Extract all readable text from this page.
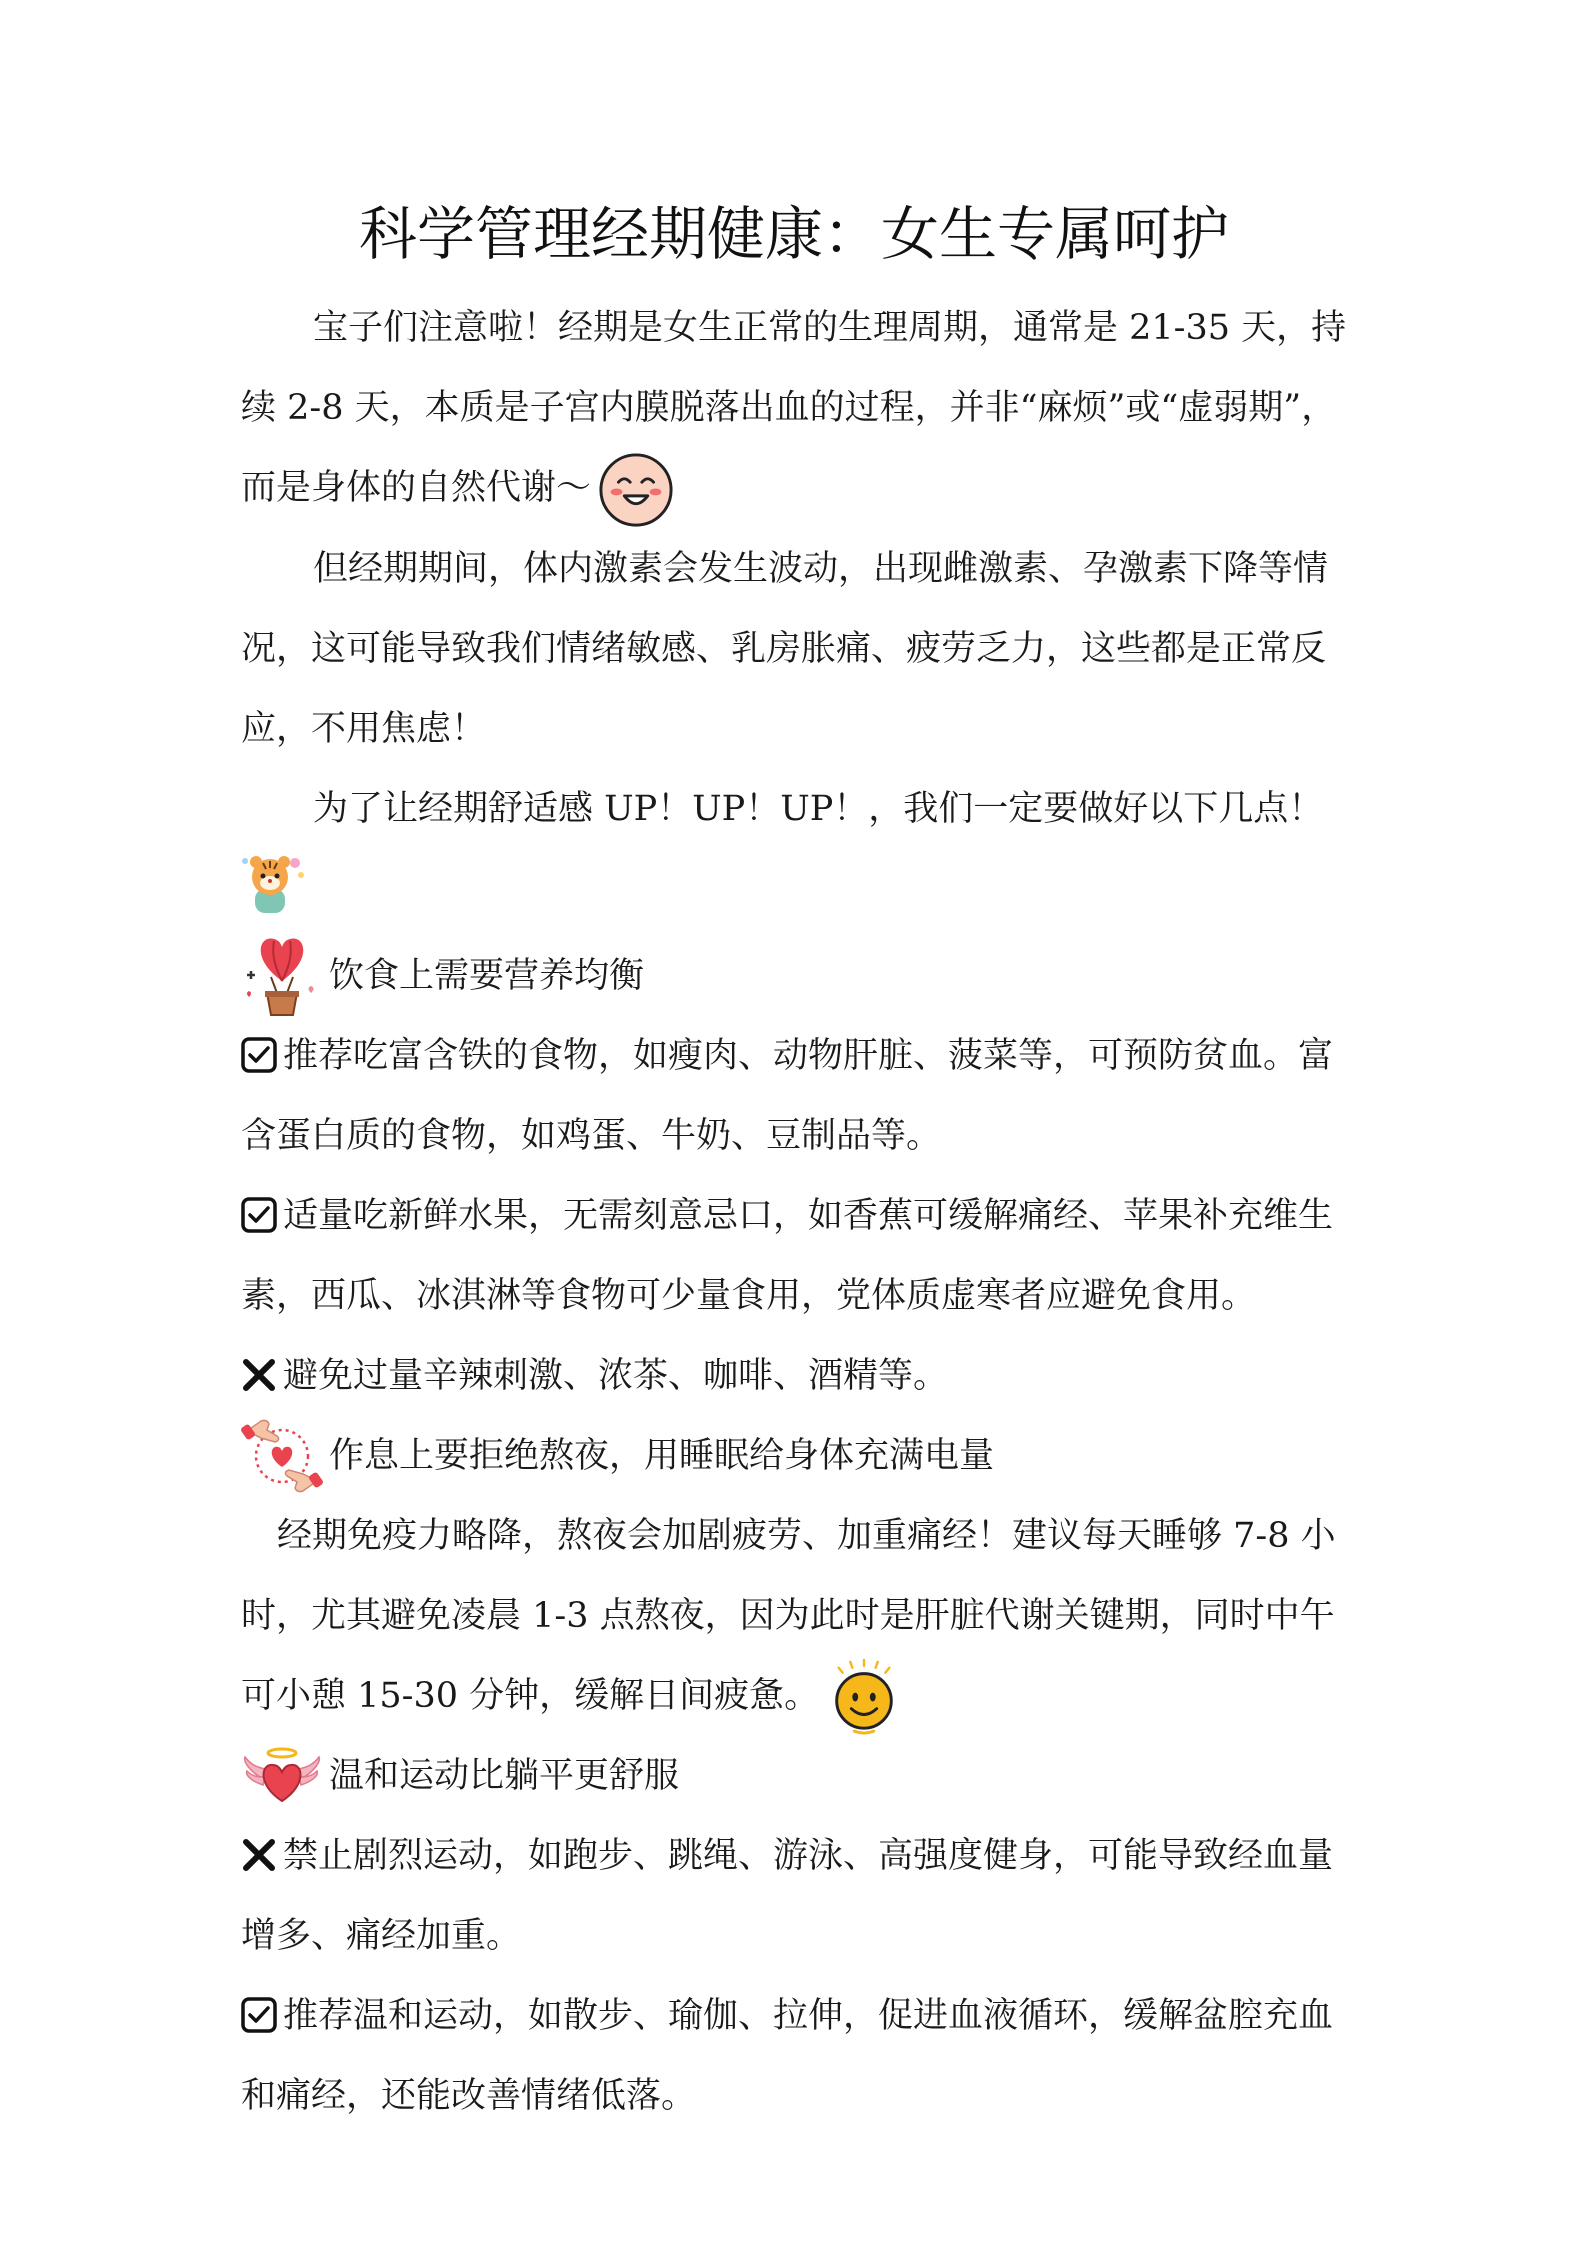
科学管理经期健康：女生专属呵护

宝子们注意啦！经期是女生正常的生理周期，通常是 21-35 天，持续 2-8 天，本质是子宫内膜脱落出血的过程，并非“麻烦”或“虚弱期”，而是身体的自然代谢～

但经期期间，体内激素会发生波动，出现雌激素、孕激素下降等情况，这可能导致我们情绪敏感、乳房胀痛、疲劳乏力，这些都是正常反应，不用焦虑！

为了让经期舒适感 UP！UP！UP！，我们一定要做好以下几点！

饮食上需要营养均衡

推荐吃富含铁的食物，如瘦肉、动物肝脏、菠菜等，可预防贫血。富含蛋白质的食物，如鸡蛋、牛奶、豆制品等。

适量吃新鲜水果，无需刻意忌口，如香蕉可缓解痛经、苹果补充维生素，西瓜、冰淇淋等食物可少量食用，党体质虚寒者应避免食用。

避免过量辛辣刺激、浓茶、咖啡、酒精等。

作息上要拒绝熬夜，用睡眠给身体充满电量

经期免疫力略降，熬夜会加剧疲劳、加重痛经！建议每天睡够 7-8 小时，尤其避免凌晨 1-3 点熬夜，因为此时是肝脏代谢关键期，同时中午可小憩 15-30 分钟，缓解日间疲惫。

温和运动比躺平更舒服

禁止剧烈运动，如跑步、跳绳、游泳、高强度健身，可能导致经血量增多、痛经加重。

推荐温和运动，如散步、瑜伽、拉伸，促进血液循环，缓解盆腔充血和痛经，还能改善情绪低落。
